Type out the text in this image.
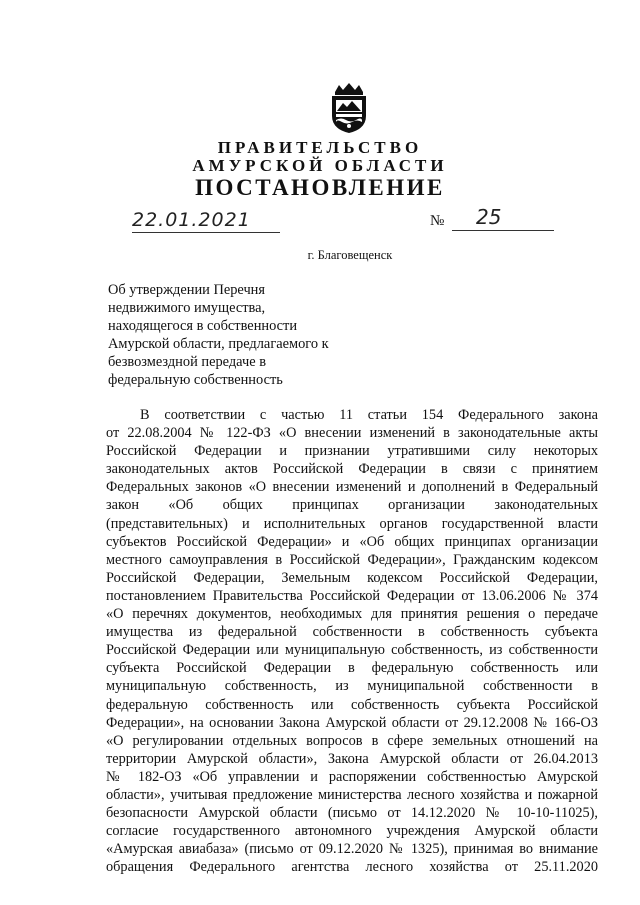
ПРАВИТЕЛЬСТВО
АМУРСКОЙ ОБЛАСТИ
ПОСТАНОВЛЕНИЕ
22.01.2021	№	25
г. Благовещенск
Об утверждении Перечня
недвижимого имущества,
находящегося в собственности
Амурской области, предлагаемого к
безвозмездной передаче в
федеральную собственность
В соответствии с частью 11 статьи 154 Федерального закона
от 22.08.2004 № 122-ФЗ «О внесении изменений в законодательные акты
Российской Федерации и признании утратившими силу некоторых
законодательных актов Российской Федерации в связи с принятием
Федеральных законов «О внесении изменений и дополнений в Федеральный
закон «Об общих принципах организации законодательных
(представительных) и исполнительных органов государственной власти
субъектов Российской Федерации» и «Об общих принципах организации
местного самоуправления в Российской Федерации», Гражданским кодексом
Российской Федерации, Земельным кодексом Российской Федерации,
постановлением Правительства Российской Федерации от 13.06.2006 № 374
«О перечнях документов, необходимых для принятия решения о передаче
имущества из федеральной собственности в собственность субъекта
Российской Федерации или муниципальную собственность, из собственности
субъекта Российской Федерации в федеральную собственность или
муниципальную собственность, из муниципальной собственности в
федеральную собственность или собственность субъекта Российской
Федерации», на основании Закона Амурской области от 29.12.2008 № 166-ОЗ
«О регулировании отдельных вопросов в сфере земельных отношений на
территории Амурской области», Закона Амурской области от 26.04.2013
№ 182-ОЗ «Об управлении и распоряжении собственностью Амурской
области», учитывая предложение министерства лесного хозяйства и пожарной
безопасности Амурской области (письмо от 14.12.2020 № 10-10-11025),
согласие государственного автономного учреждения Амурской области
«Амурская авиабаза» (письмо от 09.12.2020 № 1325), принимая во внимание
обращения Федерального агентства лесного хозяйства от 25.11.2020
